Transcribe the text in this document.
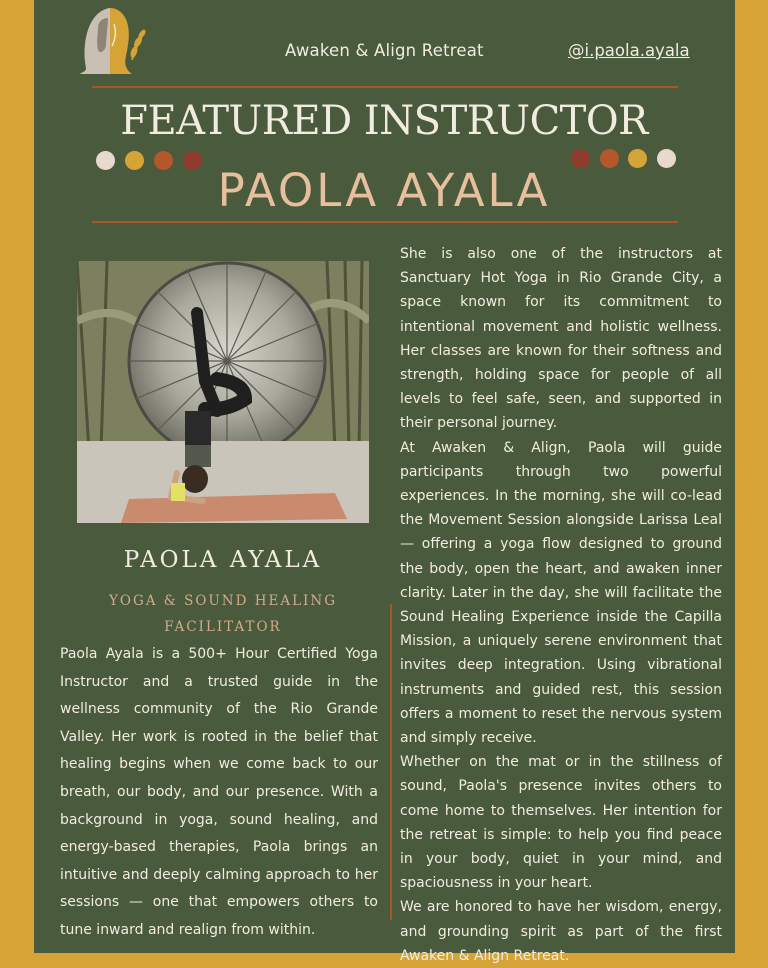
Awaken & Align Retreat	@i.paola.ayala
FEATURED INSTRUCTOR
PAOLA AYALA
PAOLA AYALA
YOGA & SOUND HEALING FACILITATOR

Paola Ayala is a 500+ Hour Certified Yoga Instructor and a trusted guide in the wellness community of the Rio Grande Valley. Her work is rooted in the belief that healing begins when we come back to our breath, our body, and our presence. With a background in yoga, sound healing, and energy-based therapies, Paola brings an intuitive and deeply calming approach to her sessions — one that empowers others to tune inward and realign from within.

She is also one of the instructors at Sanctuary Hot Yoga in Rio Grande City, a space known for its commitment to intentional movement and holistic wellness. Her classes are known for their softness and strength, holding space for people of all levels to feel safe, seen, and supported in their personal journey.

At Awaken & Align, Paola will guide participants through two powerful experiences. In the morning, she will co-lead the Movement Session alongside Larissa Leal — offering a yoga flow designed to ground the body, open the heart, and awaken inner clarity. Later in the day, she will facilitate the Sound Healing Experience inside the Capilla Mission, a uniquely serene environment that invites deep integration. Using vibrational instruments and guided rest, this session offers a moment to reset the nervous system and simply receive.

Whether on the mat or in the stillness of sound, Paola's presence invites others to come home to themselves. Her intention for the retreat is simple: to help you find peace in your body, quiet in your mind, and spaciousness in your heart.

We are honored to have her wisdom, energy, and grounding spirit as part of the first Awaken & Align Retreat.
